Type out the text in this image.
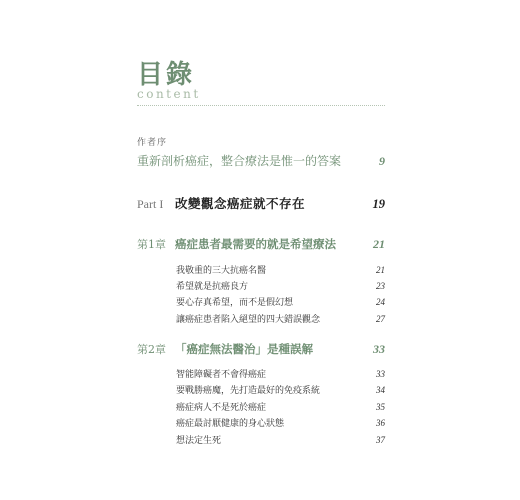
目錄
content
作者序
重新剖析癌症，整合療法是惟一的答案	9
Part I 改變觀念癌症就不存在	19
第1章 癌症患者最需要的就是希望療法	21
我敬重的三大抗癌名醫	21
希望就是抗癌良方	23
要心存真希望，而不是假幻想	24
讓癌症患者陷入絕望的四大錯誤觀念	27
第2章 「癌症無法醫治」是種誤解	33
智能障礙者不會得癌症	33
要戰勝癌魔，先打造最好的免疫系統	34
癌症病人不是死於癌症	35
癌症最討厭健康的身心狀態	36
想法定生死	37
